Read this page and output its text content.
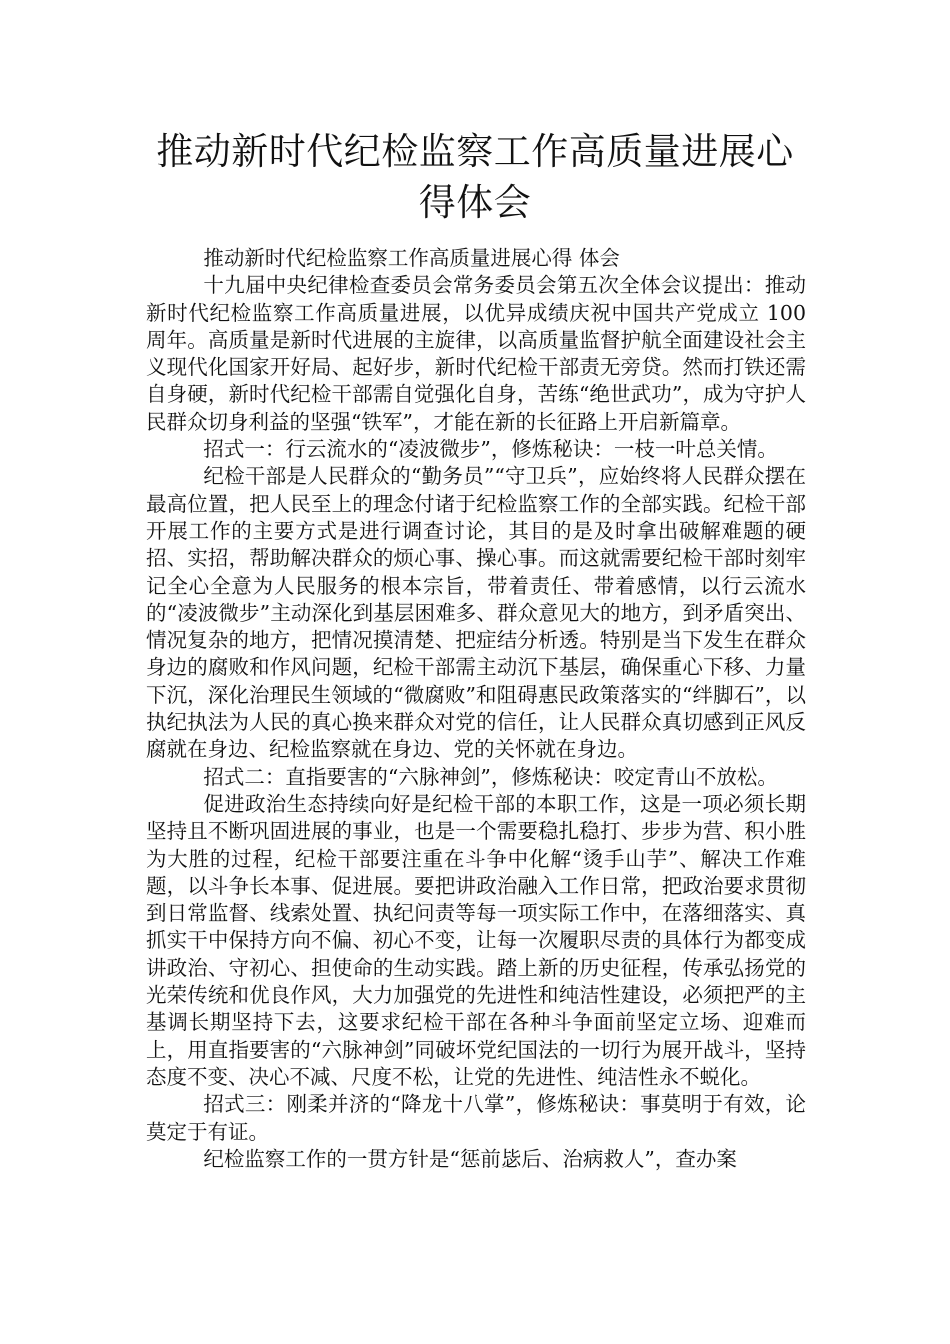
推动新时代纪检监察工作高质量进展心得体会

推动新时代纪检监察工作高质量进展心得 体会

十九届中央纪律检查委员会常务委员会第五次全体会议提出：推动新时代纪检监察工作高质量进展，以优异成绩庆祝中国共产党成立 100 周年。高质量是新时代进展的主旋律，以高质量监督护航全面建设社会主义现代化国家开好局、起好步，新时代纪检干部责无旁贷。然而打铁还需自身硬，新时代纪检干部需自觉强化自身，苦练“绝世武功”，成为守护人民群众切身利益的坚强“铁军”，才能在新的长征路上开启新篇章。

招式一：行云流水的“凌波微步”，修炼秘诀：一枝一叶总关情。

纪检干部是人民群众的“勤务员”“守卫兵”，应始终将人民群众摆在最高位置，把人民至上的理念付诸于纪检监察工作的全部实践。纪检干部开展工作的主要方式是进行调查讨论，其目的是及时拿出破解难题的硬招、实招，帮助解决群众的烦心事、操心事。而这就需要纪检干部时刻牢记全心全意为人民服务的根本宗旨，带着责任、带着感情，以行云流水的“凌波微步”主动深化到基层困难多、群众意见大的地方，到矛盾突出、情况复杂的地方，把情况摸清楚、把症结分析透。特别是当下发生在群众身边的腐败和作风问题，纪检干部需主动沉下基层，确保重心下移、力量下沉，深化治理民生领域的“微腐败”和阻碍惠民政策落实的“绊脚石”，以执纪执法为人民的真心换来群众对党的信任，让人民群众真切感到正风反腐就在身边、纪检监察就在身边、党的关怀就在身边。

招式二：直指要害的“六脉神剑”，修炼秘诀：咬定青山不放松。

促进政治生态持续向好是纪检干部的本职工作，这是一项必须长期坚持且不断巩固进展的事业，也是一个需要稳扎稳打、步步为营、积小胜为大胜的过程，纪检干部要注重在斗争中化解“烫手山芋”、解决工作难题，以斗争长本事、促进展。要把讲政治融入工作日常，把政治要求贯彻到日常监督、线索处置、执纪问责等每一项实际工作中，在落细落实、真抓实干中保持方向不偏、初心不变，让每一次履职尽责的具体行为都变成讲政治、守初心、担使命的生动实践。踏上新的历史征程，传承弘扬党的光荣传统和优良作风，大力加强党的先进性和纯洁性建设，必须把严的主基调长期坚持下去，这要求纪检干部在各种斗争面前坚定立场、迎难而上，用直指要害的“六脉神剑”同破坏党纪国法的一切行为展开战斗，坚持态度不变、决心不减、尺度不松，让党的先进性、纯洁性永不蜕化。

招式三：刚柔并济的“降龙十八掌”，修炼秘诀：事莫明于有效，论莫定于有证。

纪检监察工作的一贯方针是“惩前毖后、治病救人”，查办案
